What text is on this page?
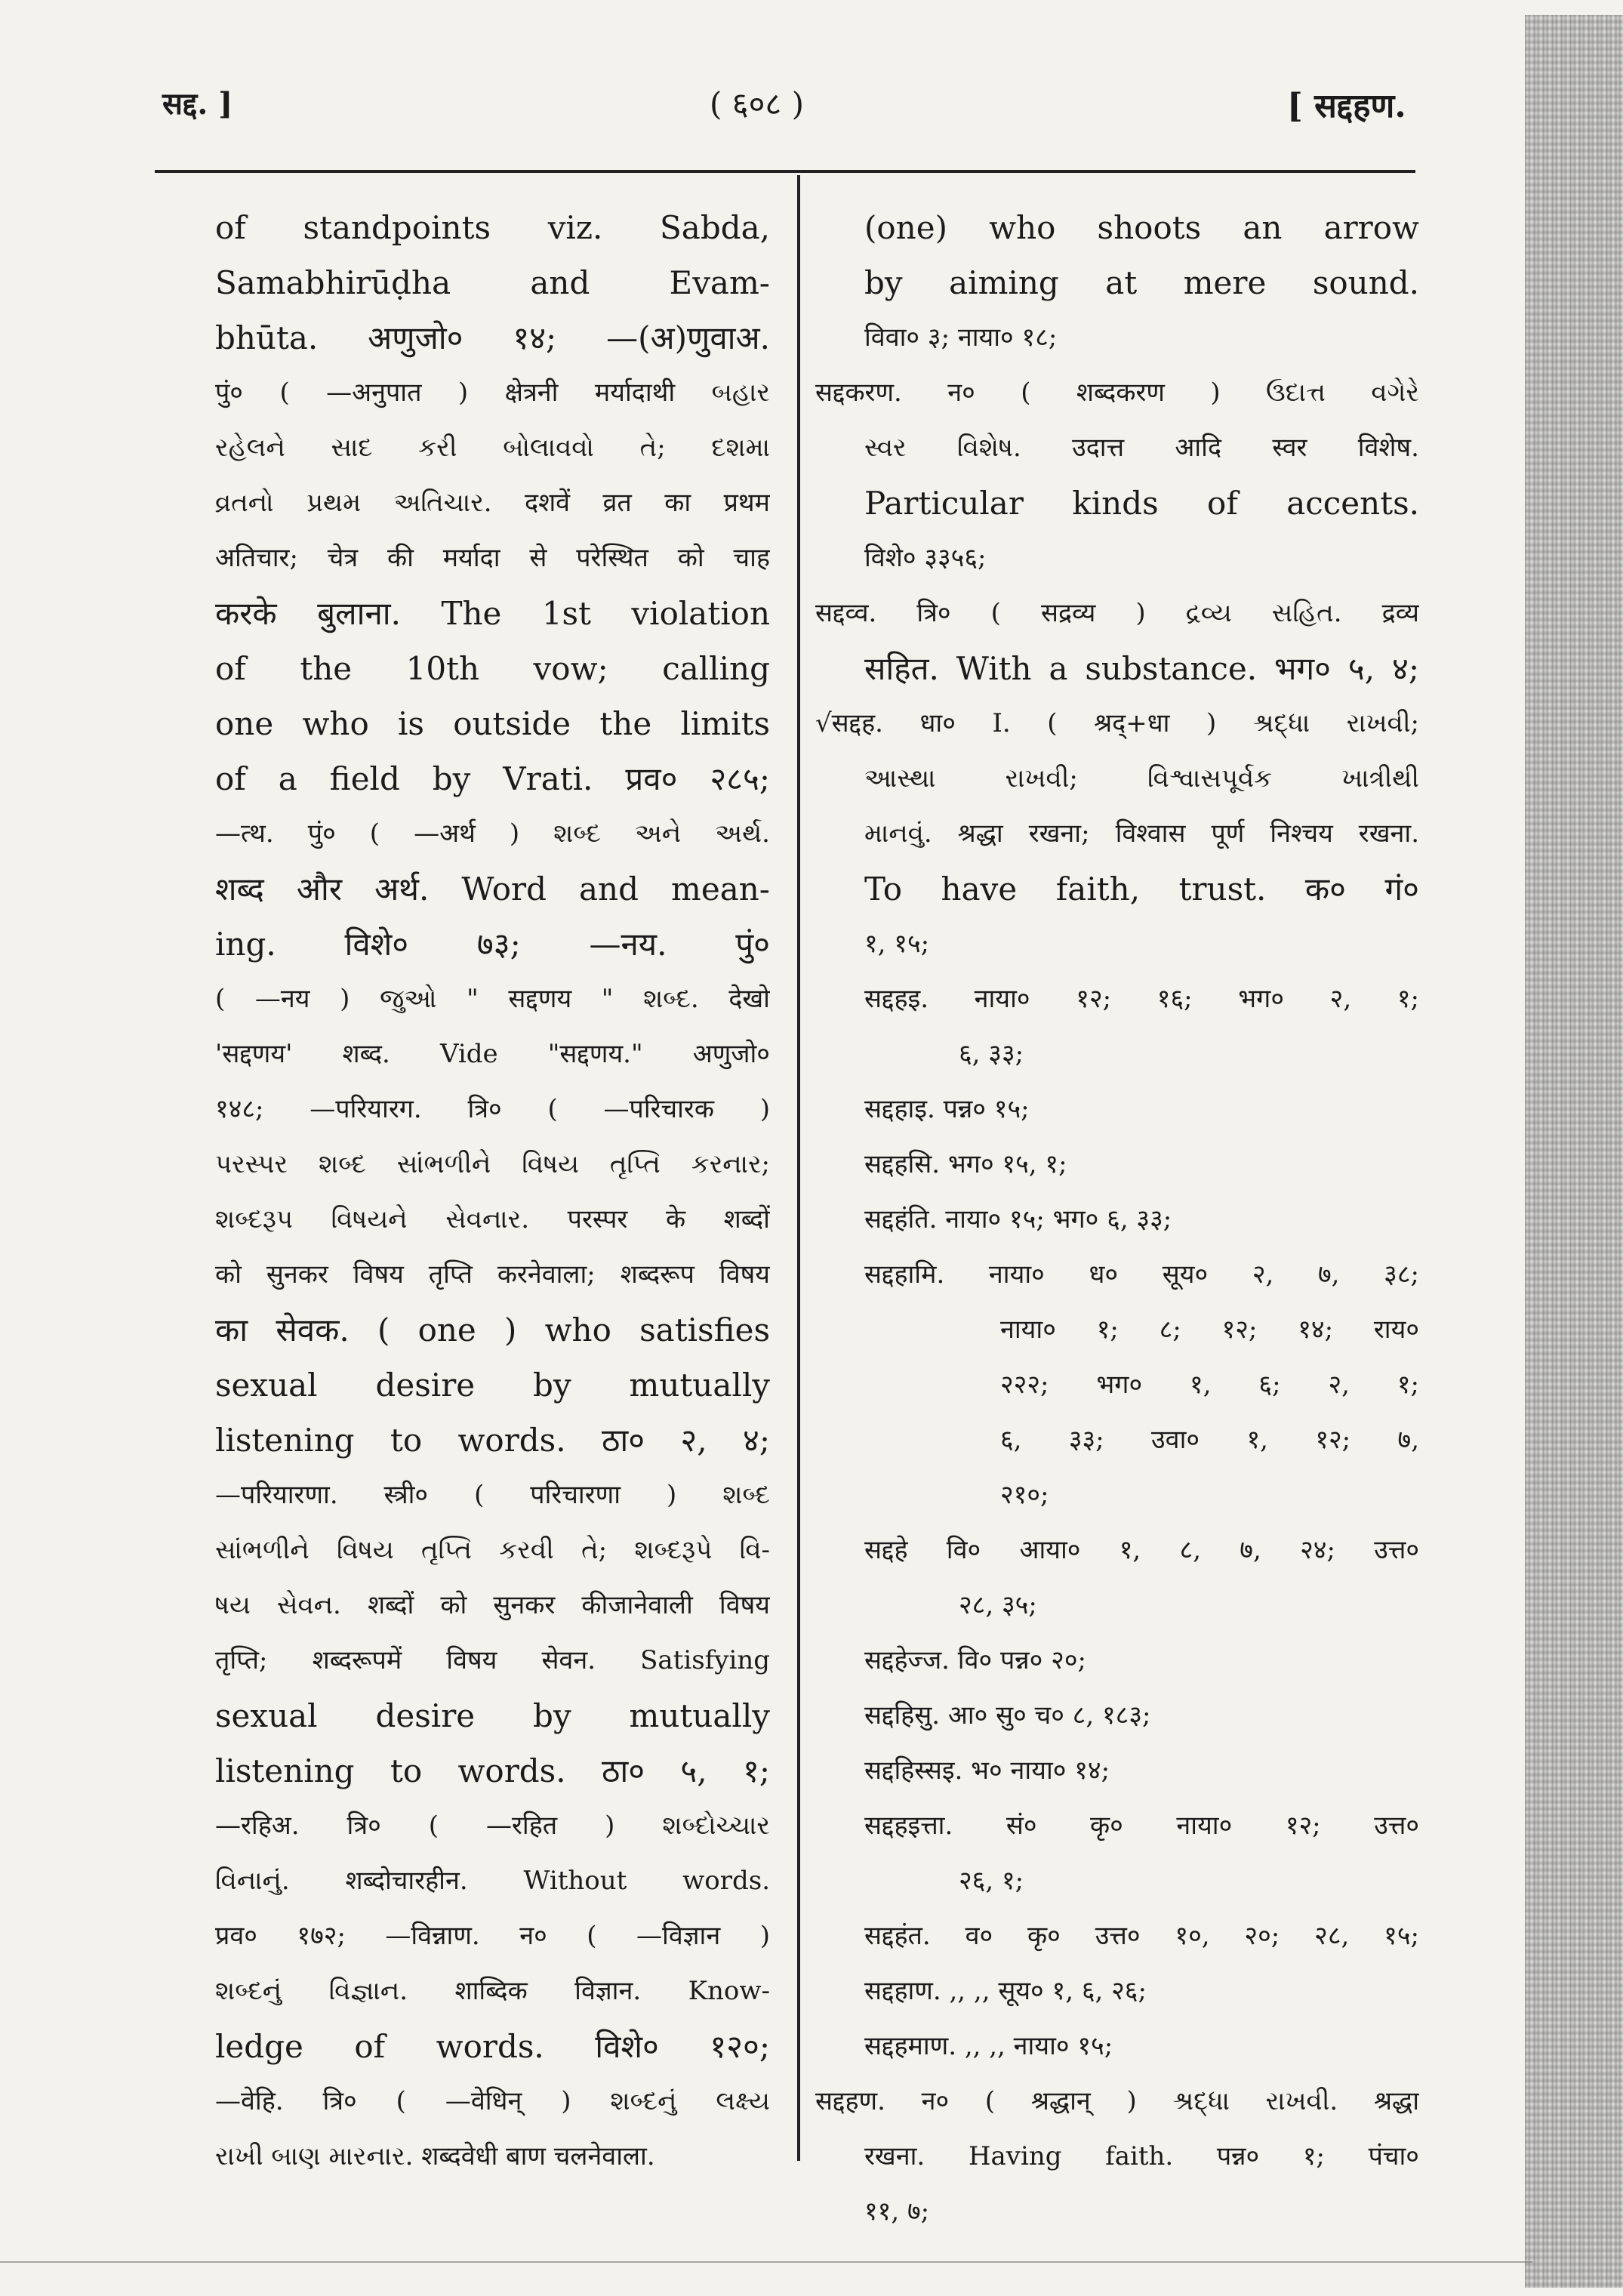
सद्द. ]	( ६०८ )	[ सद्दहण.
of standpoints viz. Sabda,
Samabhirūḍha and Evam-
bhūta. अणुजो० १४; —(अ)णुवाअ.
पुं० ( —अनुपात ) क्षेत्रनी मर्यादाथी બહાર
રહેલને સાદ કરી બોલાવવો તે; દશમા
વ્રતનો પ્રથમ અતિચાર. दशवें व्रत का प्रथम
अतिचार; चेत्र की मर्यादा से परेस्थित को चाह
करके बुलाना. The 1st violation
of the 10th vow; calling
one who is outside the limits
of a field by Vrati. प्रव० २८५;
—त्थ. पुं० ( —अर्थ ) શબ્દ અને અર્થ.
शब्द और अर्थ. Word and mean-
ing. विशे० ७३; —नय. पुं०
( —नय ) જુઓ " सद्दणय " શબ્દ. देखो
'सद्दणय' शब्द. Vide "सद्दणय." अणुजो०
१४८; —परियारग. त्रि० ( —परिचारक )
પરસ્પર શબ્દ સાંભળીને વિષય તૃપ્તિ કરનાર;
શબ્દરૂપ વિષયને સેવનાર. परस्पर के शब्दों
को सुनकर विषय तृप्ति करनेवाला; शब्दरूप विषय
का सेवक. ( one ) who satisfies
sexual desire by mutually
listening to words. ठा० २, ४;
—परियारणा. स्त्री० ( परिचारणा ) શબ્દ
સાંભળીને વિષય તૃપ્તિ કરવી તે; શબ્દરૂપે વિ-
ષય સેવન. शब्दों को सुनकर कीजानेवाली विषय
तृप्ति; शब्दरूपमें विषय सेवन. Satisfying
sexual desire by mutually
listening to words. ठा० ५, १;
—रहिअ. त्रि० ( —रहित ) શબ્દોચ્ચાર
વિનાનું. शब्दोचारहीन. Without words.
प्रव० १७२; —विन्नाण. न० ( —विज्ञान )
શબ્દનું વિજ્ઞાન. शाब्दिक विज्ञान. Know-
ledge of words. विशे० १२०;
—वेहि. त्रि० ( —वेधिन् ) શબ્દનું લક્ષ્ય
રાખી બાણ મારનાર. शब्दवेधी बाण चलनेवाला.
(one) who shoots an arrow
by aiming at mere sound.
विवा० ३; नाया० १८;
सद्दकरण. न० ( शब्दकरण ) ઉદાત્ત વગેરે
સ્વર વિશેષ. उदात्त आदि स्वर विशेष.
Particular kinds of accents.
विशे० ३३५६;
सद्दव्व. त्रि० ( सद्रव्य ) દ્રવ્ય સહિત. द्रव्य
सहित. With a substance. भग० ५, ४;
√सद्दह. धा० I. ( श्रद्+धा ) શ્રદ્ધા રાખવી;
આસ્થા રાખવી; વિશ્વાસપૂર્વક ખાત્રીથી
માનવું. श्रद्धा रखना; विश्वास पूर्ण निश्चय रखना.
To have faith, trust. क० गं०
१, १५;
सद्दहइ. नाया० १२; १६; भग० २, १;
६, ३३;
सद्दहाइ. पन्न० १५;
सद्दहसि. भग० १५, १;
सद्दहंति. नाया० १५; भग० ६, ३३;
सद्दहामि. नाया० ध० सूय० २, ७, ३८;
नाया० १; ८; १२; १४; राय०
२२२; भग० १, ६; २, १;
६, ३३; उवा० १, १२; ७,
२१०;
सद्दहे वि० आया० १, ८, ७, २४; उत्त०
२८, ३५;
सद्दहेज्ज. वि० पन्न० २०;
सद्दहिसु. आ० सु० च० ८, १८३;
सद्दहिस्सइ. भ० नाया० १४;
सद्दहइत्ता. सं० कृ० नाया० १२; उत्त०
२६, १;
सद्दहंत. व० कृ० उत्त० १०, २०; २८, १५;
सद्दहाण. ,, ,, सूय० १, ६, २६;
सद्दहमाण. ,, ,, नाया० १५;
सद्दहण. न० ( श्रद्धान् ) શ્રદ્ધા રાખવી. श्रद्धा
रखना. Having faith. पन्न० १; पंचा०
११, ७;
